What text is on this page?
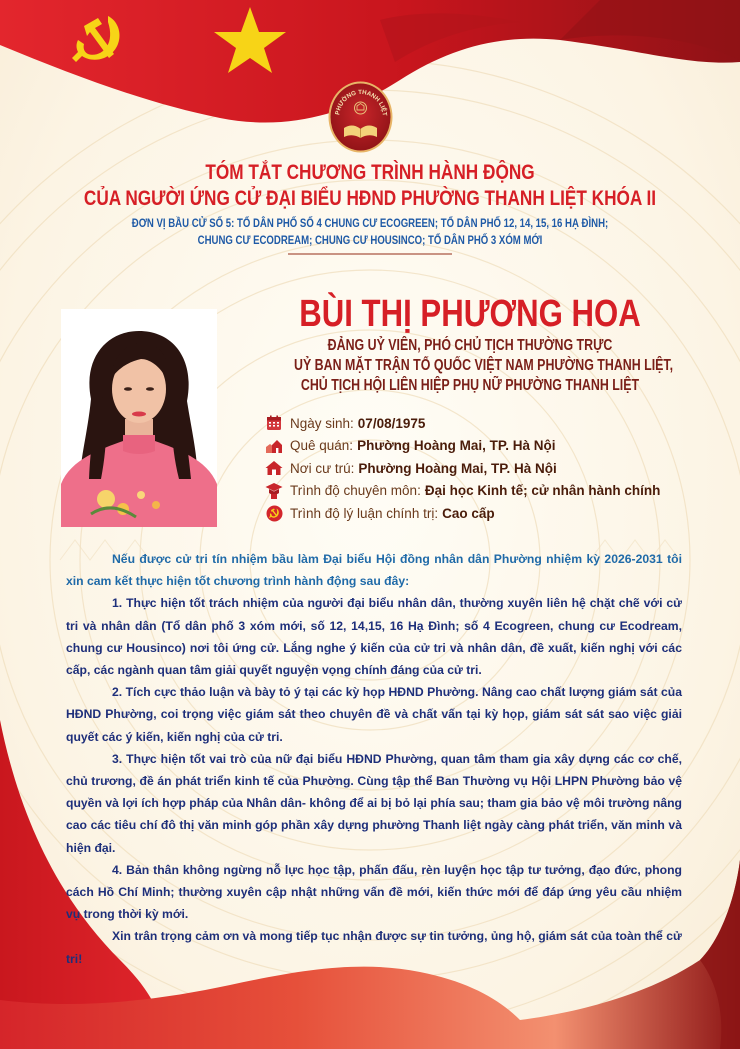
PHƯỜNG THANH LIỆT
TÓM TẮT CHƯƠNG TRÌNH HÀNH ĐỘNG
CỦA NGƯỜI ỨNG CỬ ĐẠI BIỂU HĐND PHƯỜNG THANH LIỆT KHÓA II
ĐƠN VỊ BẦU CỬ SỐ 5: TỔ DÂN PHỐ SỐ 4 CHUNG CƯ ECOGREEN; TỔ DÂN PHỐ 12, 14, 15, 16 HẠ ĐÌNH;
CHUNG CƯ ECODREAM; CHUNG CƯ HOUSINCO; TỔ DÂN PHỐ 3 XÓM MỚI
BÙI THỊ PHƯƠNG HOA
ĐẢNG UỶ VIÊN, PHÓ CHỦ TỊCH THƯỜNG TRỰC
UỶ BAN MẶT TRẬN TỔ QUỐC VIỆT NAM PHƯỜNG THANH LIỆT,
CHỦ TỊCH HỘI LIÊN HIỆP PHỤ NỮ PHƯỜNG THANH LIỆT
Ngày sinh: 07/08/1975
Quê quán: Phường Hoàng Mai, TP. Hà Nội
Nơi cư trú: Phường Hoàng Mai, TP. Hà Nội
Trình độ chuyên môn: Đại học Kinh tế; cử nhân hành chính
Trình độ lý luận chính trị: Cao cấp

Nếu được cử tri tín nhiệm bầu làm Đại biểu Hội đồng nhân dân Phường nhiệm kỳ 2026-2031 tôi xin cam kết thực hiện tốt chương trình hành động sau đây:

1. Thực hiện tốt trách nhiệm của người đại biểu nhân dân, thường xuyên liên hệ chặt chẽ với cử tri và nhân dân (Tổ dân phố 3 xóm mới, số 12, 14,15, 16 Hạ Đình; số 4 Ecogreen, chung cư Ecodream, chung cư Housinco) nơi tôi ứng cử. Lắng nghe ý kiến của cử tri và nhân dân, đề xuất, kiến nghị với các cấp, các ngành quan tâm giải quyết nguyện vọng chính đáng của cử tri.

2. Tích cực thảo luận và bày tỏ ý tại các kỳ họp HĐND Phường. Nâng cao chất lượng giám sát của HĐND Phường, coi trọng việc giám sát theo chuyên đề và chất vấn tại kỳ họp, giám sát sát sao việc giải quyết các ý kiến, kiến nghị của cử tri.

3. Thực hiện tốt vai trò của nữ đại biểu HĐND Phường, quan tâm tham gia xây dựng các cơ chế, chủ trương, đề án phát triển kinh tế của Phường. Cùng tập thể Ban Thường vụ Hội LHPN Phường bảo vệ quyền và lợi ích hợp pháp của Nhân dân- không để ai bị bỏ lại phía sau; tham gia bảo vệ môi trường nâng cao các tiêu chí đô thị văn minh góp phần xây dựng phường Thanh liệt ngày càng phát triển, văn minh và hiện đại.

4. Bản thân không ngừng nỗ lực học tập, phấn đấu, rèn luyện học tập tư tưởng, đạo đức, phong cách Hồ Chí Minh; thường xuyên cập nhật những vấn đề mới, kiến thức mới để đáp ứng yêu cầu nhiệm vụ trong thời kỳ mới.

Xin trân trọng cảm ơn và mong tiếp tục nhận được sự tin tưởng, ủng hộ, giám sát của toàn thể cử tri!
